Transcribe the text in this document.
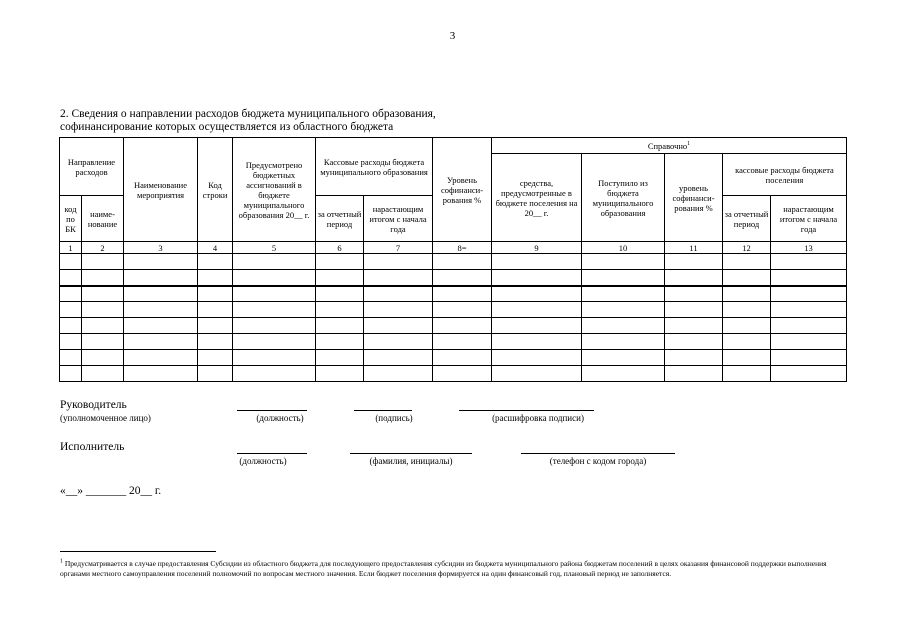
3
2. Сведения о направлении расходов бюджета муниципального образования,
софинансирование которых осуществляется из областного бюджета
Направление расходов		Наименование мероприятия	Код строки	Предусмотрено бюджетных ассигнований в бюджете муниципального образования 20__ г.	Кассовые расходы бюджета муниципального образования		Уровень софинанси-рования %	Справочно$^1$
								средства, предусмотренные в бюджете поселения на 20__ г.	Поступило из бюджета муниципального образования	уровень софинанси-рования %	кассовые расходы бюджета поселения	
код по БК	наиме-нование				за отчетный период	нарастающим итогом с начала года					за отчетный период	нарастающим итогом с начала года
1	2	3	4	5	6	7	8=	9	10	11	12	13

Руководитель
(уполномоченное лицо)	(должность)	(подпись)	(расшифровка подписи)
Исполнитель
(должность)	(фамилия, инициалы)	(телефон с кодом города)
«__» _______ 20__ г.
$^1$ Предусматривается в случае предоставления Субсидии из областного бюджета для последующего предоставления субсидии из бюджета муниципального района бюджетам поселений в целях оказания финансовой поддержки выполнения органами местного самоуправления поселений полномочий по вопросам местного значения. Если бюджет поселения формируется на один финансовый год, плановый период не заполняется.
